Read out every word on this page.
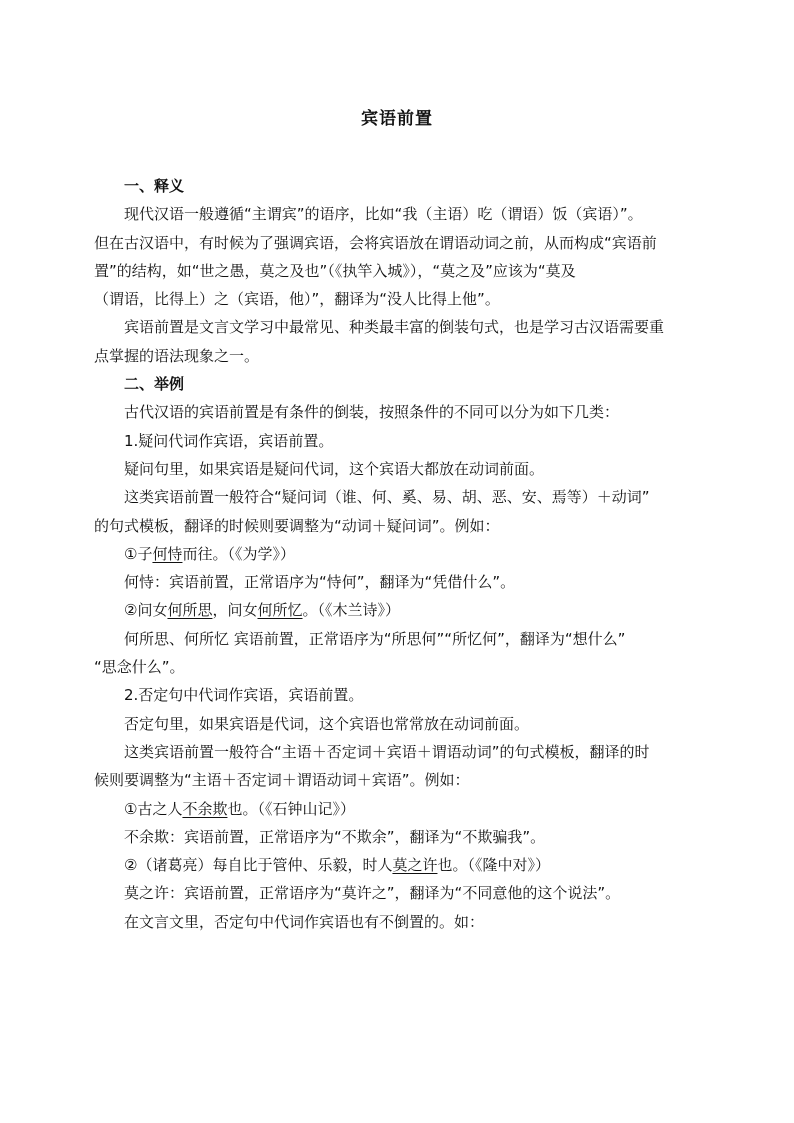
宾语前置
一、释义
现代汉语一般遵循“主谓宾”的语序，比如“我（主语）吃（谓语）饭（宾语）”。
但在古汉语中，有时候为了强调宾语，会将宾语放在谓语动词之前，从而构成“宾语前
置”的结构，如“世之愚，莫之及也”（《执竿入城》），“莫之及”应该为“莫及
（谓语，比得上）之（宾语，他）”，翻译为“没人比得上他”。
宾语前置是文言文学习中最常见、种类最丰富的倒装句式，也是学习古汉语需要重
点掌握的语法现象之一。
二、举例
古代汉语的宾语前置是有条件的倒装，按照条件的不同可以分为如下几类：
1.疑问代词作宾语，宾语前置。
疑问句里，如果宾语是疑问代词，这个宾语大都放在动词前面。
这类宾语前置一般符合“疑问词（谁、何、奚、易、胡、恶、安、焉等）＋动词”
的句式模板，翻译的时候则要调整为“动词＋疑问词”。例如：
①子何恃而往。（《为学》）
何恃：宾语前置，正常语序为“恃何”，翻译为“凭借什么”。
②问女何所思，问女何所忆。（《木兰诗》）
何所思、何所忆 宾语前置，正常语序为“所思何”“所忆何”，翻译为“想什么”
“思念什么”。
2.否定句中代词作宾语，宾语前置。
否定句里，如果宾语是代词，这个宾语也常常放在动词前面。
这类宾语前置一般符合“主语＋否定词＋宾语＋谓语动词”的句式模板，翻译的时
候则要调整为“主语＋否定词＋谓语动词＋宾语”。例如：
①古之人不余欺也。（《石钟山记》）
不余欺：宾语前置，正常语序为“不欺余”，翻译为“不欺骗我”。
②（诸葛亮）每自比于管仲、乐毅，时人莫之许也。（《隆中对》）
莫之许：宾语前置，正常语序为“莫许之”，翻译为“不同意他的这个说法”。
在文言文里，否定句中代词作宾语也有不倒置的。如：
